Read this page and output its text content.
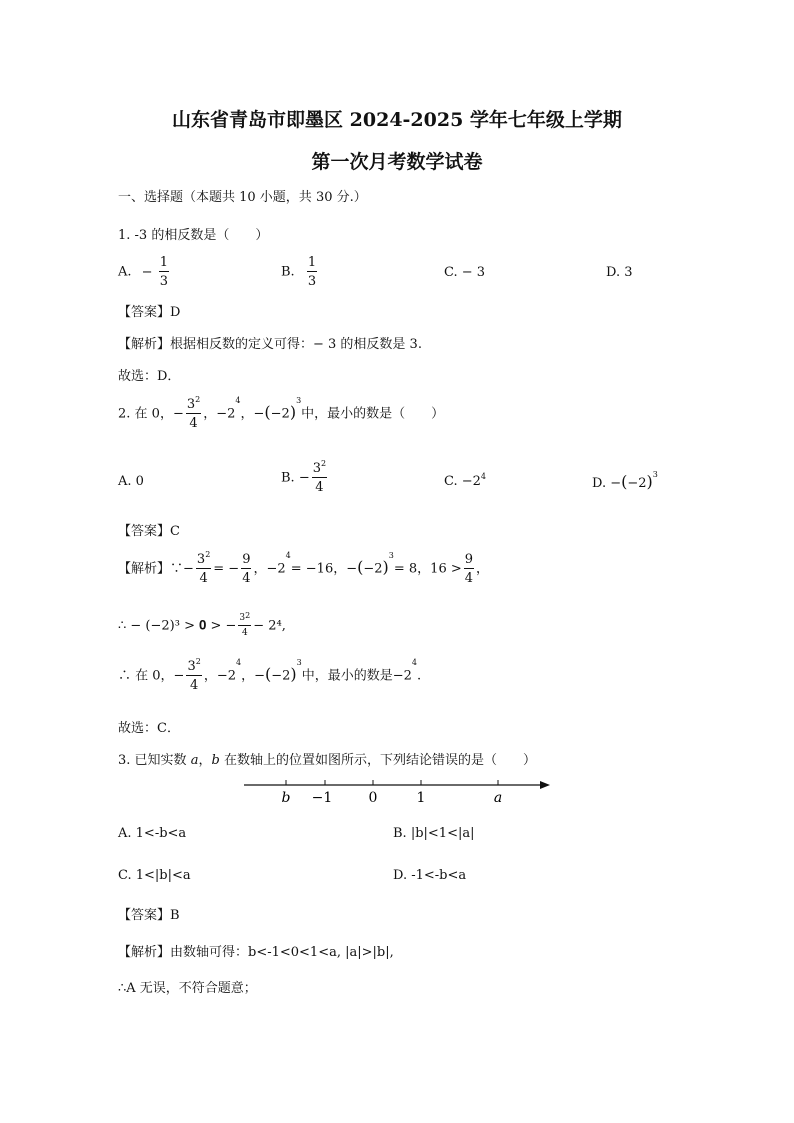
山东省青岛市即墨区 2024-2025 学年七年级上学期
第一次月考数学试卷
一、选择题（本题共 10 小题，共 30 分.）
1. -3 的相反数是（　　）
A. − $\frac{1}{3}$	B. $\frac{1}{3}$	C. − 3	D. 3
【答案】D
【解析】根据相反数的定义可得：− 3 的相反数是 3.
故选：D．
2. 在 0，− $\frac{3^2}{4}$ ，$-2^4$，$-(-2)^3$中，最小的数是（　　）
A. 0	B. − $\frac{3^2}{4}$	C. $-2^4$	D. $-(-2)^3$
【答案】C
【解析】∵− $\frac{3^2}{4}$ = − $\frac{9}{4}$ ，$-2^4= -16$，$-(-2)^3= 8$，$16 > \frac{9}{4}$ ，
∴ − (−2)³ > 𝟎 > − $\frac{3^2}{4} - 2^4$,
∴ 在 0，− $\frac{3^2}{4}$ ，$-2^4$，$-(-2)^3$中，最小的数是$-2^4$.
故选：C．
3. 已知实数 a，b 在数轴上的位置如图所示，下列结论错误的是（　　）
b −1	0	1	a
A. 1<-b<a	B. |b|<1<|a|
C. 1<|b|<a	D. -1<-b<a
【答案】B
【解析】由数轴可得：b<-1<0<1<a, |a|>|b|,
∴A 无误，不符合题意；
